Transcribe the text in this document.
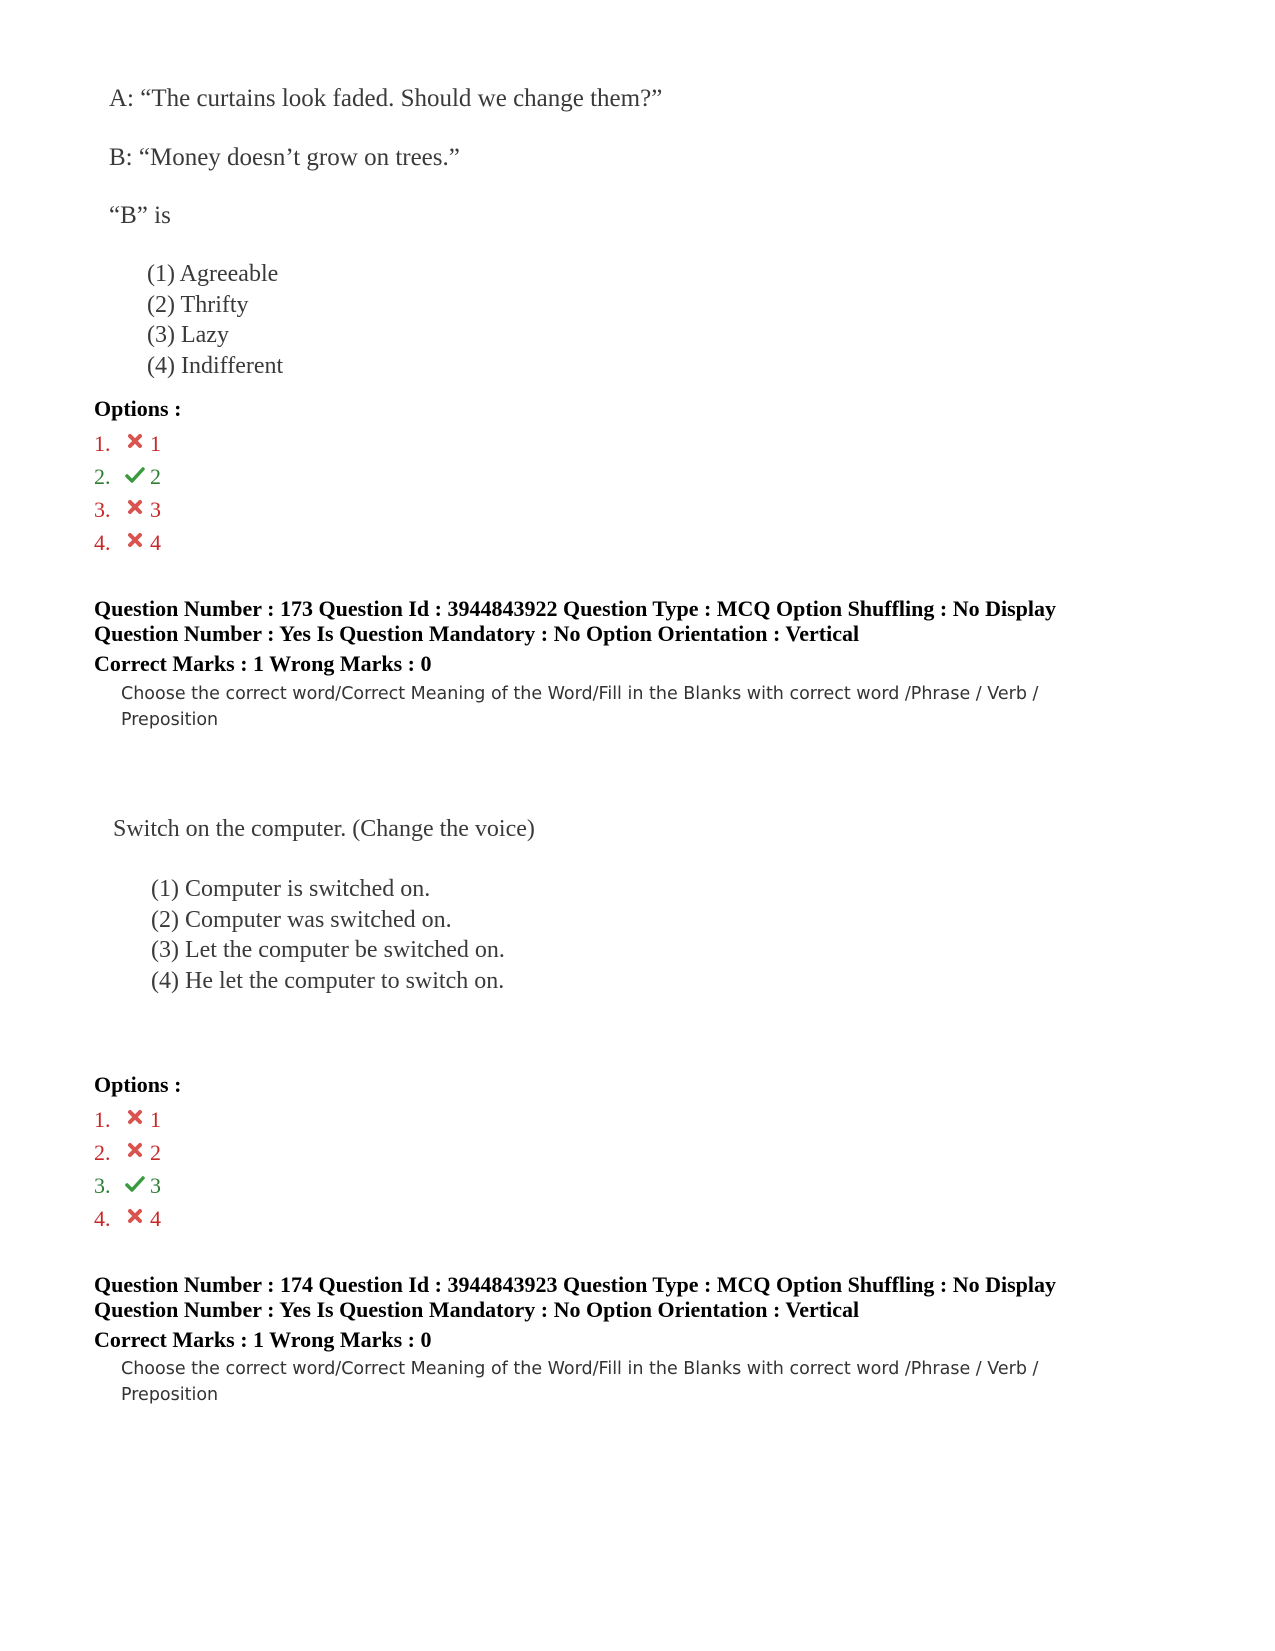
A: “The curtains look faded. Should we change them?”
B: “Money doesn’t grow on trees.”
“B” is
(1) Agreeable
(2) Thrifty
(3) Lazy
(4) Indifferent
Options :
1.	1
2.	2
3.	3
4.	4
Question Number : 173 Question Id : 3944843922 Question Type : MCQ Option Shuffling : No Display
Question Number : Yes Is Question Mandatory : No Option Orientation : Vertical
Correct Marks : 1 Wrong Marks : 0
Choose the correct word/Correct Meaning of the Word/Fill in the Blanks with correct word /Phrase / Verb / Preposition
Switch on the computer. (Change the voice)
(1) Computer is switched on.
(2) Computer was switched on.
(3) Let the computer be switched on.
(4) He let the computer to switch on.
Options :
1.	1
2.	2
3.	3
4.	4
Question Number : 174 Question Id : 3944843923 Question Type : MCQ Option Shuffling : No Display
Question Number : Yes Is Question Mandatory : No Option Orientation : Vertical
Correct Marks : 1 Wrong Marks : 0
Choose the correct word/Correct Meaning of the Word/Fill in the Blanks with correct word /Phrase / Verb / Preposition
